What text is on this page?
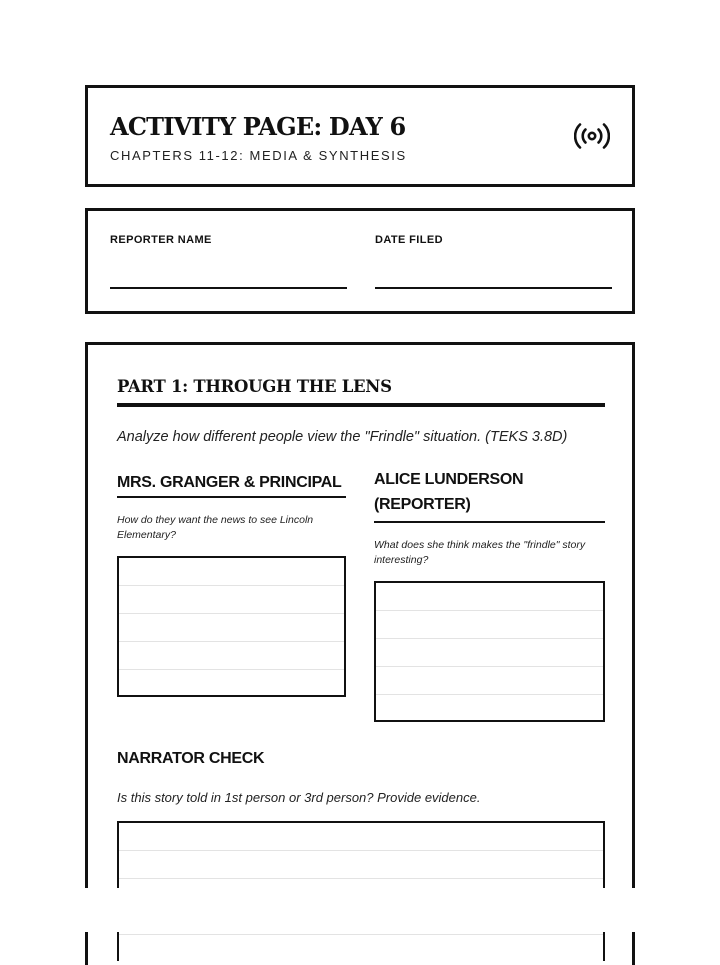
ACTIVITY PAGE: DAY 6
CHAPTERS 11-12: MEDIA & SYNTHESIS
REPORTER NAME	DATE FILED
PART 1: THROUGH THE LENS

Analyze how different people view the "Frindle" situation. (TEKS 3.8D)

MRS. GRANGER & PRINCIPAL

How do they want the news to see Lincoln Elementary?

ALICE LUNDERSON
(REPORTER)

What does she think makes the "frindle" story interesting?

NARRATOR CHECK

Is this story told in 1st person or 3rd person? Provide evidence.
